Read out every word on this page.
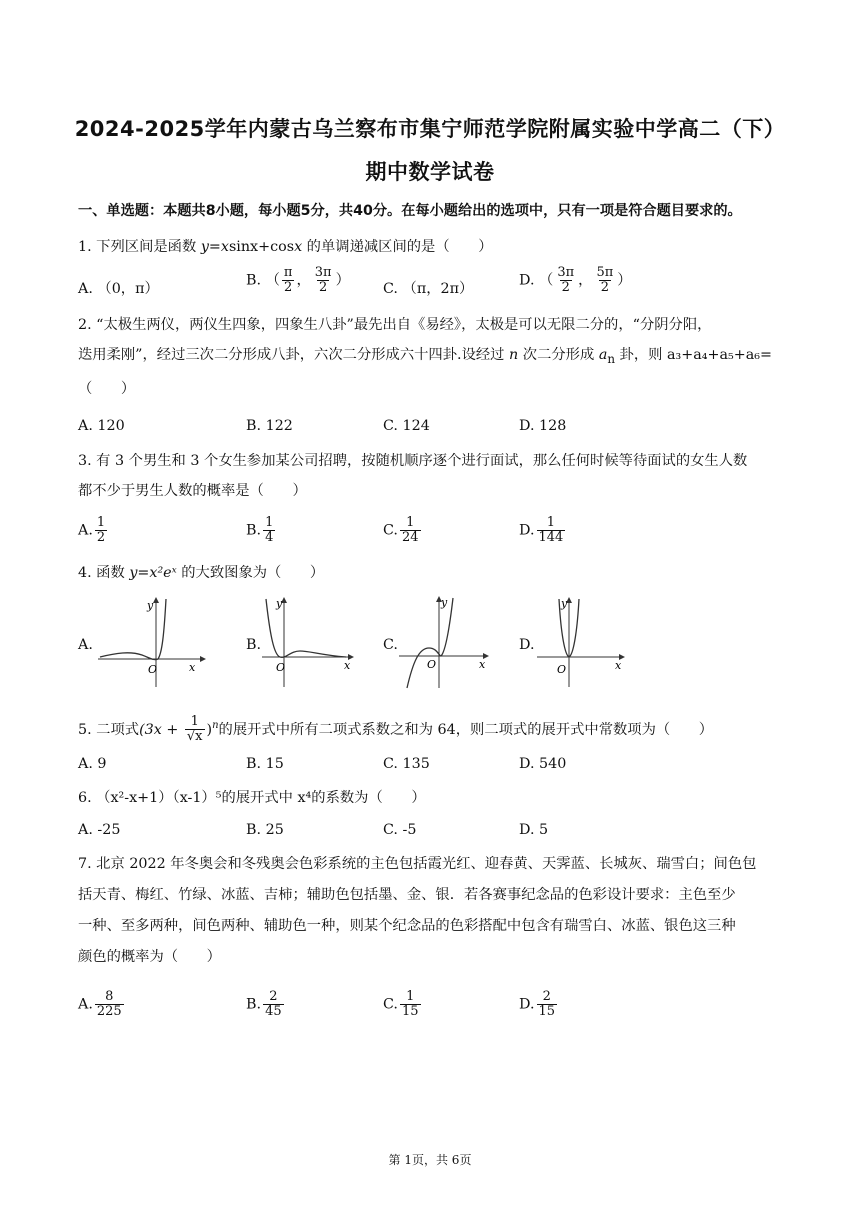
2024-2025学年内蒙古乌兰察布市集宁师范学院附属实验中学高二（下）
期中数学试卷
一、单选题：本题共8小题，每小题5分，共40分。在每小题给出的选项中，只有一项是符合题目要求的。
1. 下列区间是函数 y=xsinx+cosx 的单调递减区间的是（　　）
A. （0，π）
B. （ $\frac{\pi}{2}$ ， $\frac{3\pi}{2}$ ）
C. （π，2π）
D. （ $\frac{3\pi}{2}$ ， $\frac{5\pi}{2}$ ）
2. “太极生两仪，两仪生四象，四象生八卦”最先出自《易经》，太极是可以无限二分的，“分阴分阳，
迭用柔刚”，经过三次二分形成八卦，六次二分形成六十四卦.设经过 n 次二分形成 $a_n$ 卦，则 a₃+a₄+a₅+a₆=
（　　）
A. 120	B. 122	C. 124	D. 128
3. 有 3 个男生和 3 个女生参加某公司招聘，按随机顺序逐个进行面试，那么任何时候等待面试的女生人数
都不少于男生人数的概率是（　　）
A. $\frac{1}{2}$	B. $\frac{1}{4}$	C. $\frac{1}{24}$	D. $\frac{1}{144}$
4. 函数 y=x²eˣ 的大致图象为（　　）
A.
y
x
O
B.
y
x
O
C.
y
x
O
D.
y
x
O
5. 二项式$(3x + \frac{1}{√x} )^n$的展开式中所有二项式系数之和为 64，则二项式的展开式中常数项为（　　）
A. 9	B. 15	C. 135	D. 540
6. （x²-x+1）（x-1）⁵的展开式中 x⁴的系数为（　　）
A. -25	B. 25	C. -5	D. 5
7. 北京 2022 年冬奥会和冬残奥会色彩系统的主色包括霞光红、迎春黄、天霁蓝、长城灰、瑞雪白；间色包
括天青、梅红、竹绿、冰蓝、吉柿；辅助色包括墨、金、银．若各赛事纪念品的色彩设计要求：主色至少
一种、至多两种，间色两种、辅助色一种，则某个纪念品的色彩搭配中包含有瑞雪白、冰蓝、银色这三种
颜色的概率为（　　）
A. $\frac{8}{225}$	B. $\frac{2}{45}$	C. $\frac{1}{15}$	D. $\frac{2}{15}$
第 1页，共 6页
